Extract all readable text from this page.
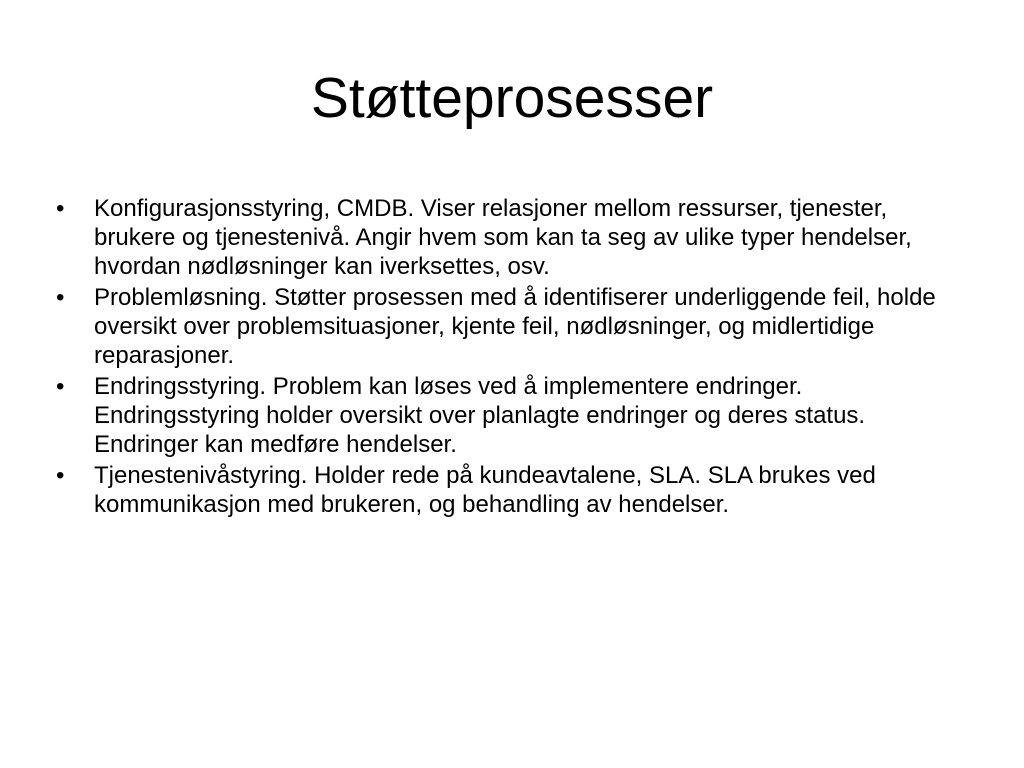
Støtteprosesser
• Konfigurasjonsstyring, CMDB. Viser relasjoner mellom ressurser, tjenester, brukere og tjenestenivå. Angir hvem som kan ta seg av ulike typer hendelser, hvordan nødløsninger kan iverksettes, osv.
• Problemløsning. Støtter prosessen med å identifiserer underliggende feil, holde oversikt over problemsituasjoner, kjente feil, nødløsninger, og midlertidige reparasjoner.
• Endringsstyring. Problem kan løses ved å implementere endringer. Endringsstyring holder oversikt over planlagte endringer og deres status. Endringer kan medføre hendelser.
• Tjenestenivåstyring. Holder rede på kundeavtalene, SLA. SLA brukes ved kommunikasjon med brukeren, og behandling av hendelser.
